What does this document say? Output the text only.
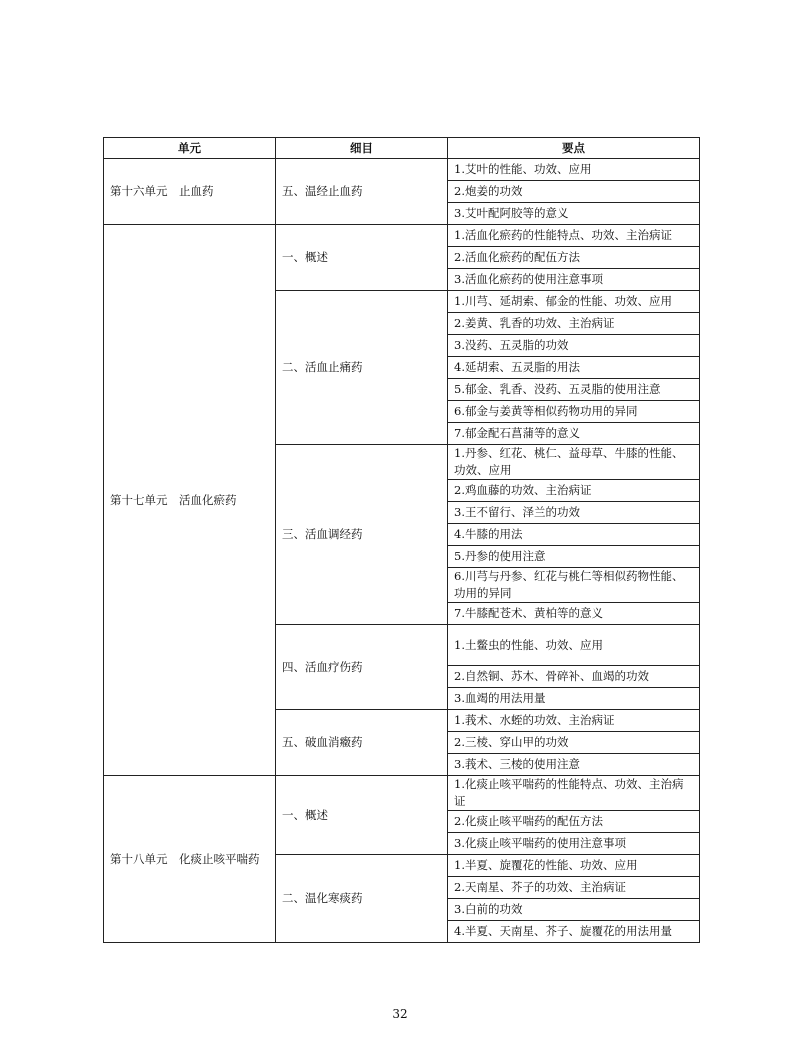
单元	细目	要点
第十六单元　止血药	五、温经止血药	1.艾叶的性能、功效、应用
		2.炮姜的功效
		3.艾叶配阿胶等的意义
第十七单元　活血化瘀药	一、概述	1.活血化瘀药的性能特点、功效、主治病证
		2.活血化瘀药的配伍方法
		3.活血化瘀药的使用注意事项
	二、活血止痛药	1.川芎、延胡索、郁金的性能、功效、应用
		2.姜黄、乳香的功效、主治病证
		3.没药、五灵脂的功效
		4.延胡索、五灵脂的用法
		5.郁金、乳香、没药、五灵脂的使用注意
		6.郁金与姜黄等相似药物功用的异同
		7.郁金配石菖蒲等的意义
	三、活血调经药	1.丹参、红花、桃仁、益母草、牛膝的性能、功效、应用
		2.鸡血藤的功效、主治病证
		3.王不留行、泽兰的功效
		4.牛膝的用法
		5.丹参的使用注意
		6.川芎与丹参、红花与桃仁等相似药物性能、功用的异同
		7.牛膝配苍术、黄柏等的意义
	四、活血疗伤药	1.土鳖虫的性能、功效、应用
		2.自然铜、苏木、骨碎补、血竭的功效
		3.血竭的用法用量
	五、破血消癥药	1.莪术、水蛭的功效、主治病证
		2.三棱、穿山甲的功效
		3.莪术、三棱的使用注意
第十八单元　化痰止咳平喘药	一、概述	1.化痰止咳平喘药的性能特点、功效、主治病证
		2.化痰止咳平喘药的配伍方法
		3.化痰止咳平喘药的使用注意事项
	二、温化寒痰药	1.半夏、旋覆花的性能、功效、应用
		2.天南星、芥子的功效、主治病证
		3.白前的功效
		4.半夏、天南星、芥子、旋覆花的用法用量
32
